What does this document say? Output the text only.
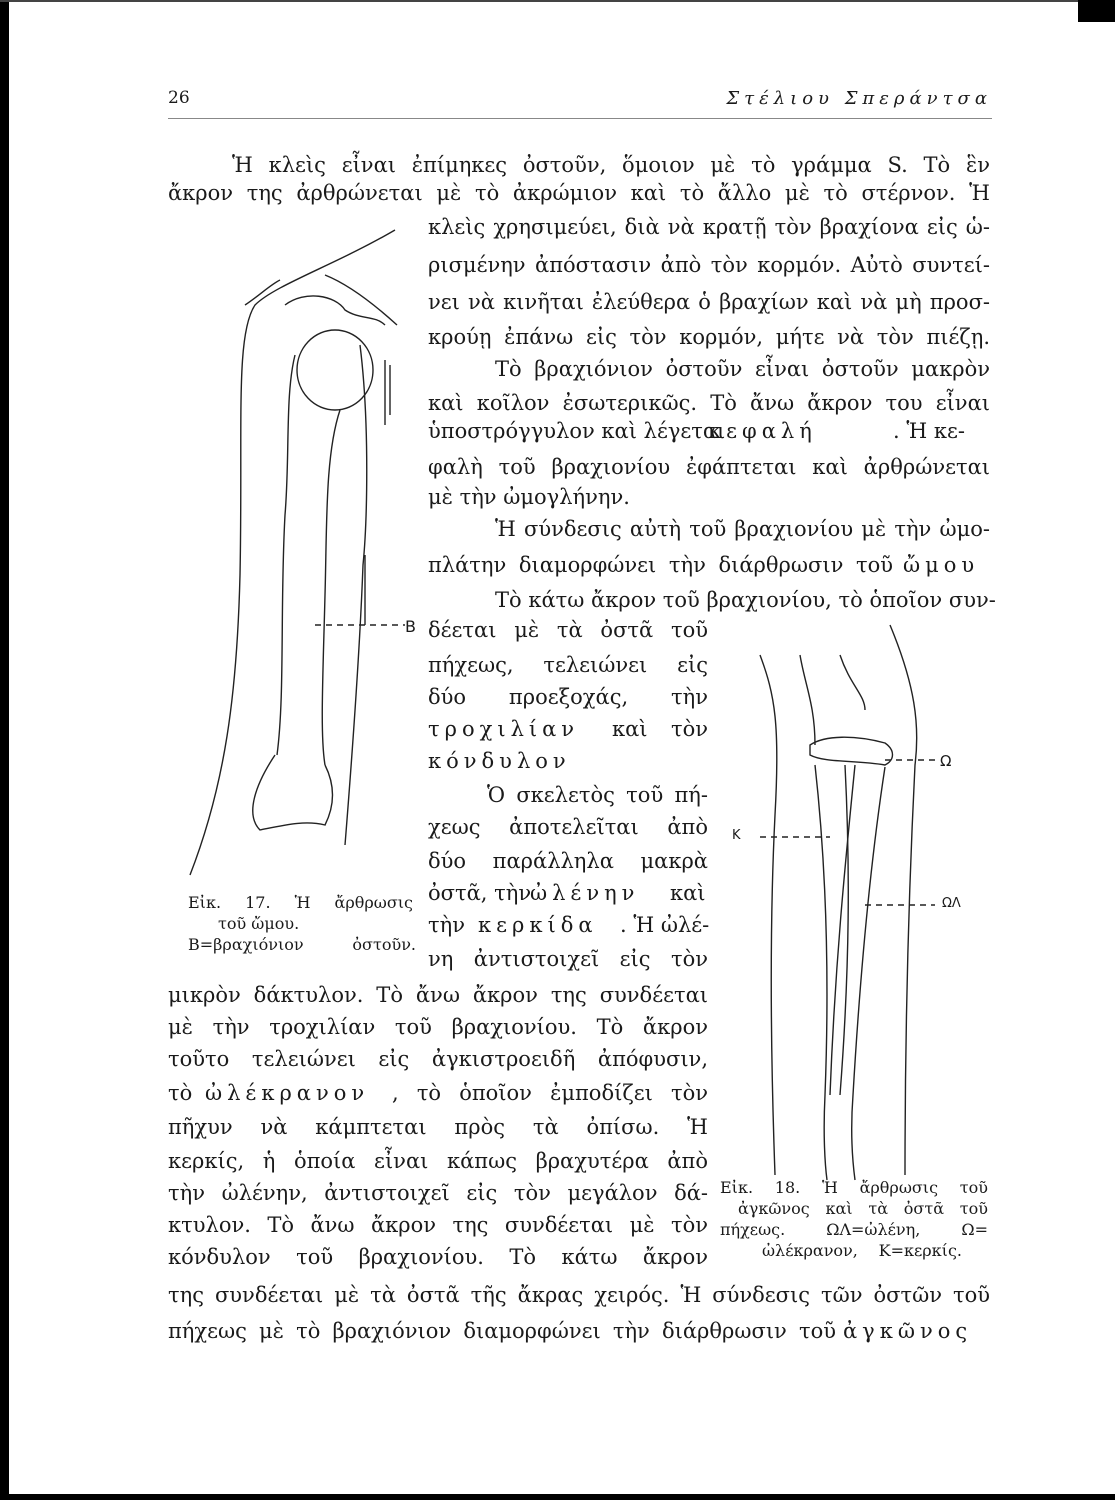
26	Στέλιου Σπεράντσα
Ἡ κλεὶς εἶναι ἐπίμηκες ὀστοῦν, ὅμοιον μὲ τὸ γράμμα S. Τὸ ἓν
ἄκρον της ἀρθρώνεται μὲ τὸ ἀκρώμιον καὶ τὸ ἄλλο μὲ τὸ στέρνον. Ἡ
κλεὶς χρησιμεύει, διὰ νὰ κρατῇ τὸν βραχίονα εἰς ὡ-
ρισμένην ἀπόστασιν ἀπὸ τὸν κορμόν. Αὐτὸ συντεί-
νει νὰ κινῆται ἐλεύθερα ὁ βραχίων καὶ νὰ μὴ προσ-
κρούῃ ἐπάνω εἰς τὸν κορμόν, μήτε νὰ τὸν πιέζῃ.
Τὸ βραχιόνιον ὀστοῦν εἶναι ὀστοῦν μακρὸν
καὶ κοῖλον ἐσωτερικῶς. Τὸ ἄνω ἄκρον του εἶναι
ὑποστρόγγυλον καὶ λέγεται
κεφαλή	. Ἡ κε-
φαλὴ τοῦ βραχιονίου ἐφάπτεται καὶ ἀρθρώνεται
μὲ τὴν ὠμογλήνην.
Ἡ σύνδεσις αὐτὴ τοῦ βραχιονίου μὲ τὴν ὠμο-
πλάτην διαμορφώνει τὴν διάρθρωσιν τοῦ ὤμου
Τὸ κάτω ἄκρον τοῦ βραχιονίου, τὸ ὁποῖον συν-
δέεται μὲ τὰ ὀστᾶ τοῦ
πήχεως, τελειώνει εἰς
δύο προεξοχάς, τὴν
τροχιλίαν	καὶ τὸν
κόνδυλον
Ὁ σκελετὸς τοῦ πή-
χεως ἀποτελεῖται ἀπὸ
δύο παράλληλα μακρὰ
ὀστᾶ, τὴν
ὠλένην	καὶ
τὴν κερκίδα	. Ἡ ὠλέ-
νη ἀντιστοιχεῖ εἰς τὸν
μικρὸν δάκτυλον. Τὸ ἄνω ἄκρον της συνδέεται
μὲ τὴν τροχιλίαν τοῦ βραχιονίου. Τὸ ἄκρον
τοῦτο τελειώνει εἰς ἀγκιστροειδῆ ἀπόφυσιν,
τὸ ὠλέκρανον	, τὸ ὁποῖον ἐμποδίζει τὸν
πῆχυν νὰ κάμπτεται πρὸς τὰ ὀπίσω. Ἡ
κερκίς, ἡ ὁποία εἶναι κάπως βραχυτέρα ἀπὸ
τὴν ὠλένην, ἀντιστοιχεῖ εἰς τὸν μεγάλον δά-
κτυλον. Τὸ ἄνω ἄκρον της συνδέεται μὲ τὸν
κόνδυλον τοῦ βραχιονίου. Τὸ κάτω ἄκρον
της συνδέεται μὲ τὰ ὀστᾶ τῆς ἄκρας χειρός. Ἡ σύνδεσις τῶν ὀστῶν τοῦ
πήχεως μὲ τὸ βραχιόνιον διαμορφώνει τὴν διάρθρωσιν τοῦ ἀγκῶνος
B
Εἰκ. 17. Ἡ ἄρθρωσις
τοῦ ὤμου.
B=βραχιόνιον ὀστοῦν.
Ω
Κ
ΩΛ
Εἰκ. 18. Ἡ ἄρθρωσις τοῦ
ἀγκῶνος καὶ τὰ ὀστᾶ τοῦ
πήχεως. ΩΛ=ὠλένη, Ω=
ὠλέκρανον, Κ=κερκίς.
